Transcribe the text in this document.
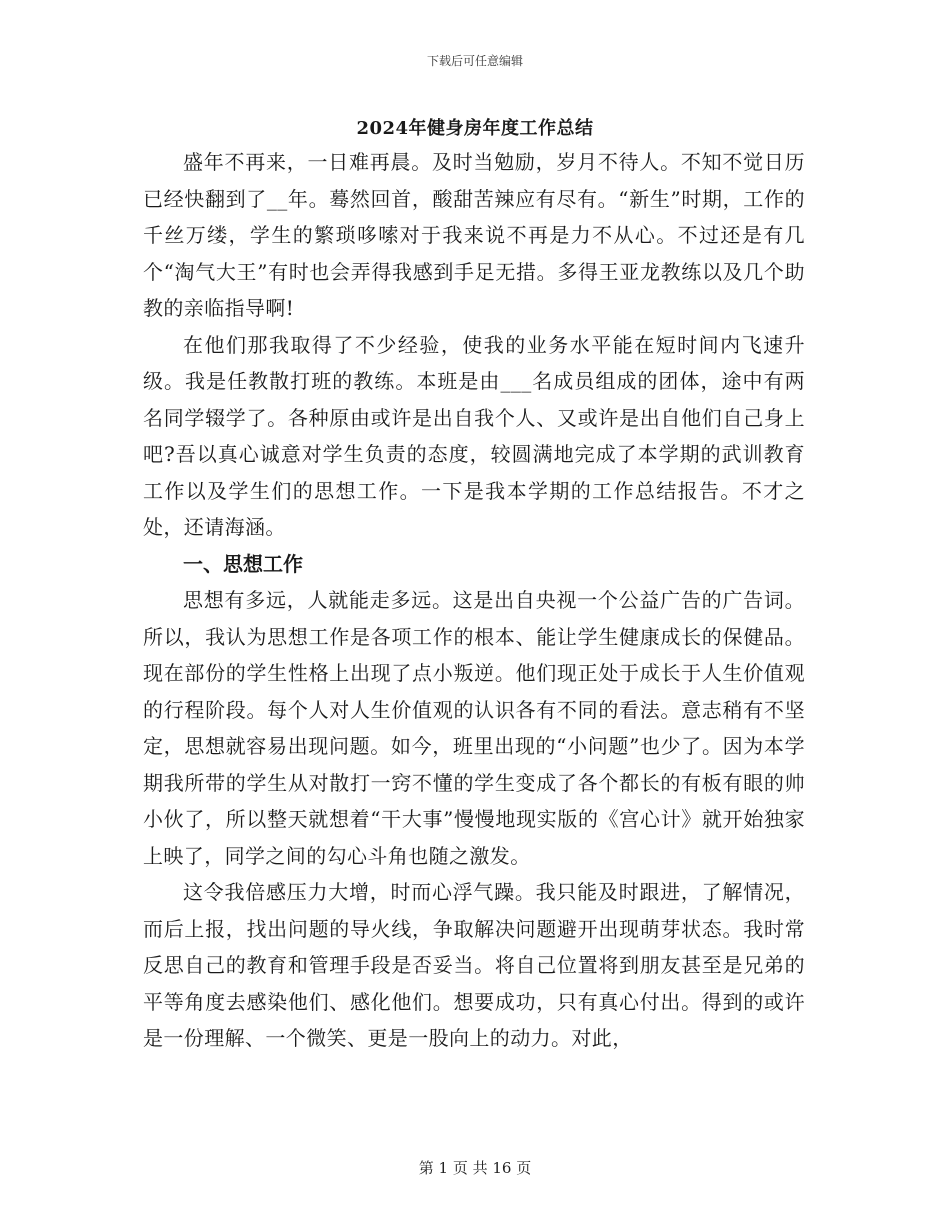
下载后可任意编辑
2024年健身房年度工作总结

盛年不再来，一日难再晨。及时当勉励，岁月不待人。不知不觉日历已经快翻到了__年。蓦然回首，酸甜苦辣应有尽有。“新生”时期，工作的千丝万缕，学生的繁琐哆嗦对于我来说不再是力不从心。不过还是有几个“淘气大王”有时也会弄得我感到手足无措。多得王亚龙教练以及几个助教的亲临指导啊!

在他们那我取得了不少经验，使我的业务水平能在短时间内飞速升级。我是任教散打班的教练。本班是由___名成员组成的团体，途中有两名同学辍学了。各种原由或许是出自我个人、又或许是出自他们自己身上吧?吾以真心诚意对学生负责的态度，较圆满地完成了本学期的武训教育工作以及学生们的思想工作。一下是我本学期的工作总结报告。不才之处，还请海涵。

一、思想工作

思想有多远，人就能走多远。这是出自央视一个公益广告的广告词。所以，我认为思想工作是各项工作的根本、能让学生健康成长的保健品。现在部份的学生性格上出现了点小叛逆。他们现正处于成长于人生价值观的行程阶段。每个人对人生价值观的认识各有不同的看法。意志稍有不坚定，思想就容易出现问题。如今，班里出现的“小问题”也少了。因为本学期我所带的学生从对散打一窍不懂的学生变成了各个都长的有板有眼的帅小伙了，所以整天就想着“干大事”慢慢地现实版的《宫心计》就开始独家上映了，同学之间的勾心斗角也随之激发。

这令我倍感压力大增，时而心浮气躁。我只能及时跟进，了解情况，而后上报，找出问题的导火线，争取解决问题避开出现萌芽状态。我时常反思自己的教育和管理手段是否妥当。将自己位置将到朋友甚至是兄弟的平等角度去感染他们、感化他们。想要成功，只有真心付出。得到的或许是一份理解、一个微笑、更是一股向上的动力。对此，

第 1 页 共 16 页
